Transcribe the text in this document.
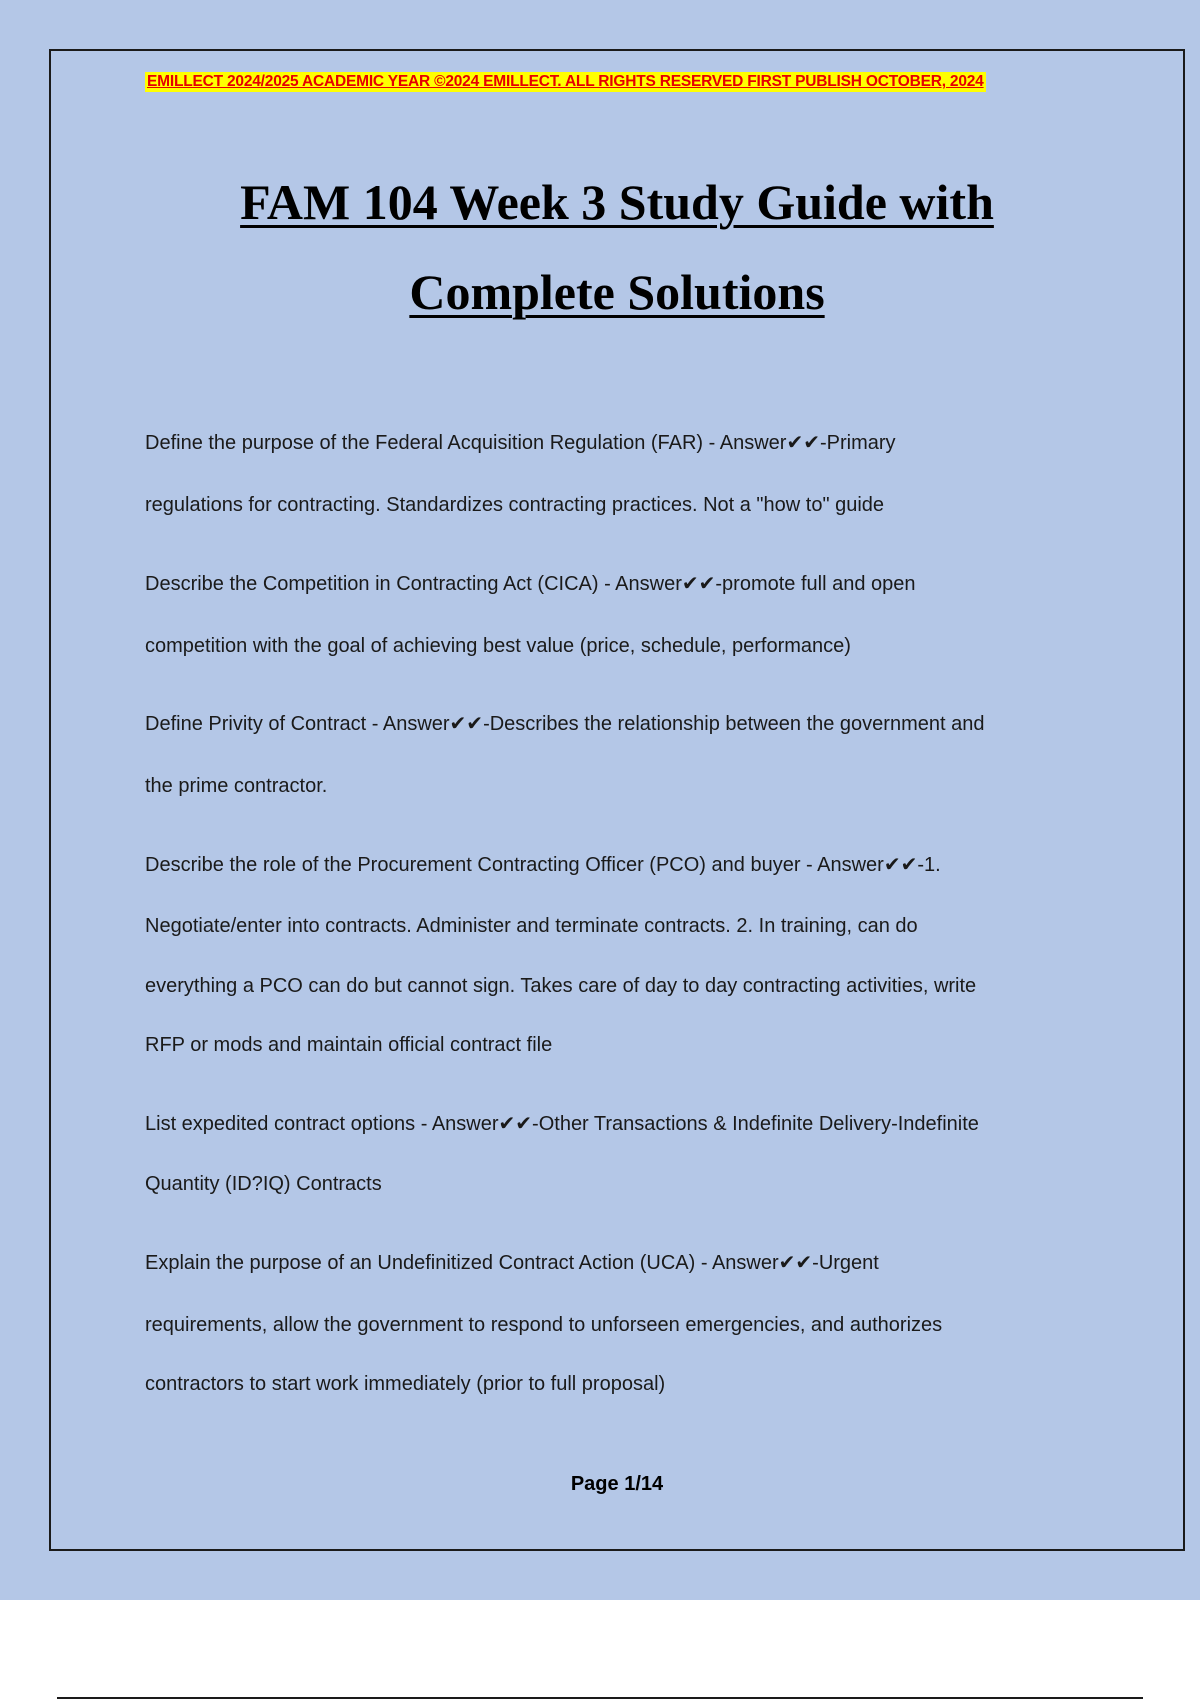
EMILLECT 2024/2025 ACADEMIC YEAR ©2024 EMILLECT. ALL RIGHTS RESERVED FIRST PUBLISH OCTOBER, 2024
FAM 104 Week 3 Study Guide with
Complete Solutions
Define the purpose of the Federal Acquisition Regulation (FAR) - Answer✔✔-Primary
regulations for contracting. Standardizes contracting practices. Not a "how to" guide
Describe the Competition in Contracting Act (CICA) - Answer✔✔-promote full and open
competition with the goal of achieving best value (price, schedule, performance)
Define Privity of Contract - Answer✔✔-Describes the relationship between the government and
the prime contractor.
Describe the role of the Procurement Contracting Officer (PCO) and buyer - Answer✔✔-1.
Negotiate/enter into contracts. Administer and terminate contracts. 2. In training, can do
everything a PCO can do but cannot sign. Takes care of day to day contracting activities, write
RFP or mods and maintain official contract file
List expedited contract options - Answer✔✔-Other Transactions & Indefinite Delivery-Indefinite
Quantity (ID?IQ) Contracts
Explain the purpose of an Undefinitized Contract Action (UCA) - Answer✔✔-Urgent
requirements, allow the government to respond to unforseen emergencies, and authorizes
contractors to start work immediately (prior to full proposal)
Page 1/14
